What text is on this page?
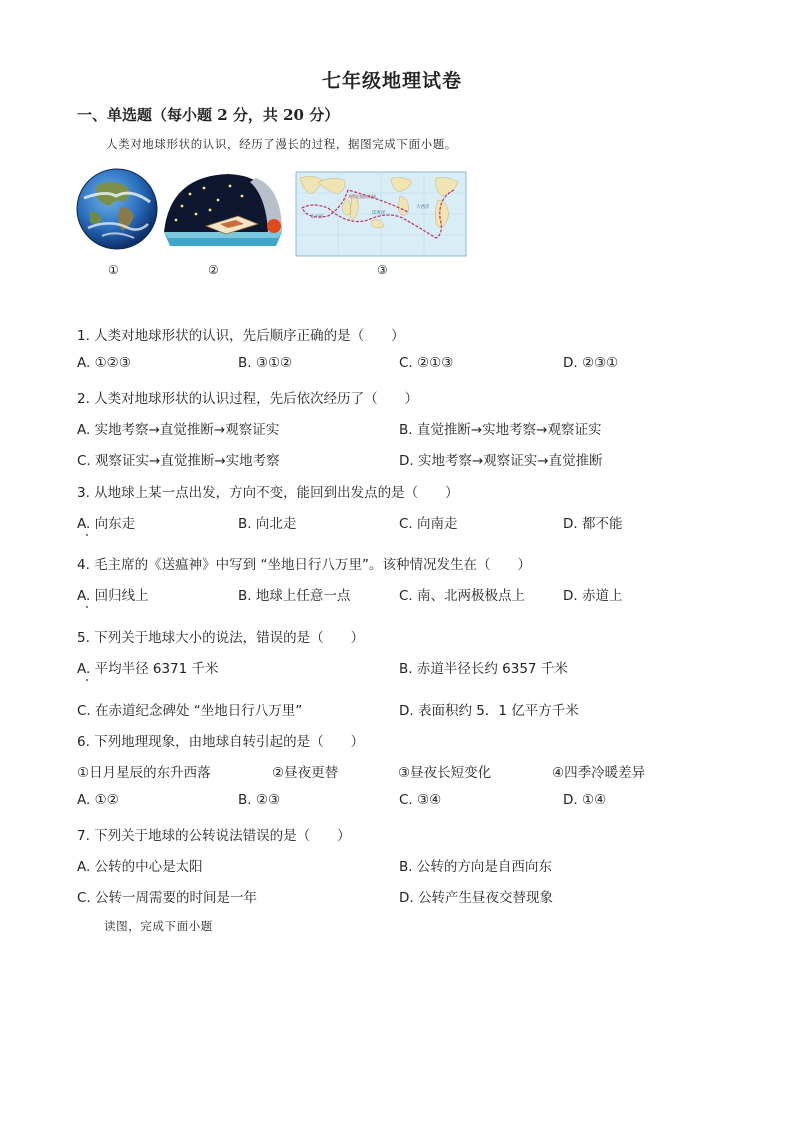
七年级地理试卷
一、单选题（每小题 2 分，共 20 分）
人类对地球形状的认识，经历了漫长的过程，据图完成下面小题。
①	②
太平洋
大西洋
印度洋
麦哲伦船队航线
③
1. 人类对地球形状的认识，先后顺序正确的是（　　）
A. ①②③	B. ③①②	C. ②①③	D. ②③①
2. 人类对地球形状的认识过程，先后依次经历了（　　）
A. 实地考察→直觉推断→观察证实	B. 直觉推断→实地考察→观察证实
C. 观察证实→直觉推断→实地考察	D. 实地考察→观察证实→直觉推断
3. 从地球上某一点出发，方向不变，能回到出发点的是（　　）
A. 向东走	B. 向北走	C. 向南走	D. 都不能
4. 毛主席的《送瘟神》中写到 “坐地日行八万里”。该种情况发生在（　　）
A. 回归线上	B. 地球上任意一点	C. 南、北两极极点上	D. 赤道上
5. 下列关于地球大小的说法，错误的是（　　）
A. 平均半径 6371 千米	B. 赤道半径长约 6357 千米
C. 在赤道纪念碑处 “坐地日行八万里”	D. 表面积约 5．1 亿平方千米
6. 下列地理现象，由地球自转引起的是（　　）
①日月星辰的东升西落	②昼夜更替	③昼夜长短变化	④四季冷暖差异
A. ①②	B. ②③	C. ③④	D. ①④
7. 下列关于地球的公转说法错误的是（　　）
A. 公转的中心是太阳	B. 公转的方向是自西向东
C. 公转一周需要的时间是一年	D. 公转产生昼夜交替现象
读图，完成下面小题
